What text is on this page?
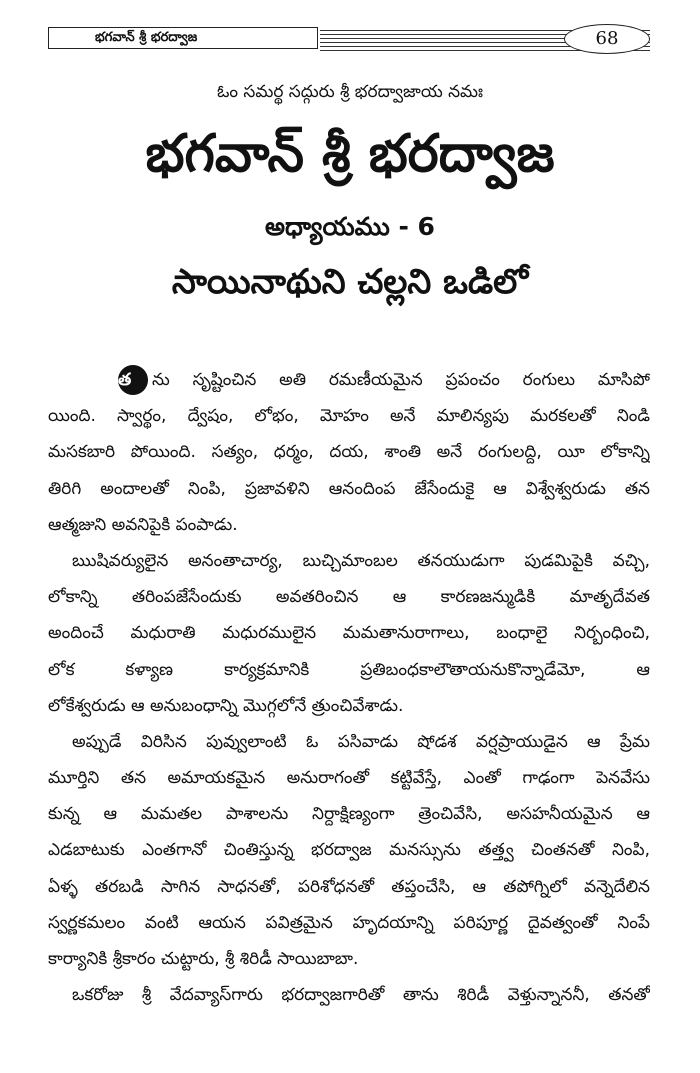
భగవాన్ శ్రీ భరద్వాజ	68
ఓం సమర్థ సద్గురు శ్రీ భరద్వాజాయ నమః
భగవాన్ శ్రీ భరద్వాజ
అధ్యాయము - 6
సాయినాథుని చల్లని ఒడిలో
త ను సృష్టించిన అతి రమణీయమైన ప్రపంచం రంగులు మాసిపో
యింది. స్వార్థం, ద్వేషం, లోభం, మోహం అనే మాలిన్యపు మరకలతో నిండి
మసకబారి పోయింది. సత్యం, ధర్మం, దయ, శాంతి అనే రంగులద్ది, యీ లోకాన్ని
తిరిగి అందాలతో నింపి, ప్రజావళిని ఆనందింప జేసేందుకై ఆ విశ్వేశ్వరుడు తన
ఆత్మజుని అవనిపైకి పంపాడు.
ఋషివర్యులైన అనంతాచార్య, బుచ్చిమాంబల తనయుడుగా పుడమిపైకి వచ్చి,
లోకాన్ని తరింపజేసేందుకు అవతరించిన ఆ కారణజన్ముడికి మాతృదేవత
అందించే మధురాతి మధురములైన మమతానురాగాలు, బంధాలై నిర్బంధించి,
లోక కళ్యాణ కార్యక్రమానికి ప్రతిబంధకాలౌతాయనుకొన్నాడేమో, ఆ
లోకేశ్వరుడు ఆ అనుబంధాన్ని మొగ్గలోనే త్రుంచివేశాడు.
అప్పుడే విరిసిన పువ్వులాంటి ఓ పసివాడు షోడశ వర్షప్రాయుడైన ఆ ప్రేమ
మూర్తిని తన అమాయకమైన అనురాగంతో కట్టివేస్తే, ఎంతో గాఢంగా పెనవేసు
కున్న ఆ మమతల పాశాలను నిర్దాక్షిణ్యంగా త్రెంచివేసి, అసహనీయమైన ఆ
ఎడబాటుకు ఎంతగానో చింతిస్తున్న భరద్వాజ మనస్సును తత్త్వ చింతనతో నింపి,
ఏళ్ళ తరబడి సాగిన సాధనతో, పరిశోధనతో తప్తంచేసి, ఆ తపోగ్నిలో వన్నెదేలిన
స్వర్ణకమలం వంటి ఆయన పవిత్రమైన హృదయాన్ని పరిపూర్ణ దైవత్వంతో నింపే
కార్యానికి శ్రీకారం చుట్టారు, శ్రీ శిరిడీ సాయిబాబా.
ఒకరోజు శ్రీ వేదవ్యాస్‌గారు భరద్వాజగారితో తాను శిరిడీ వెళ్తున్నాననీ, తనతో
